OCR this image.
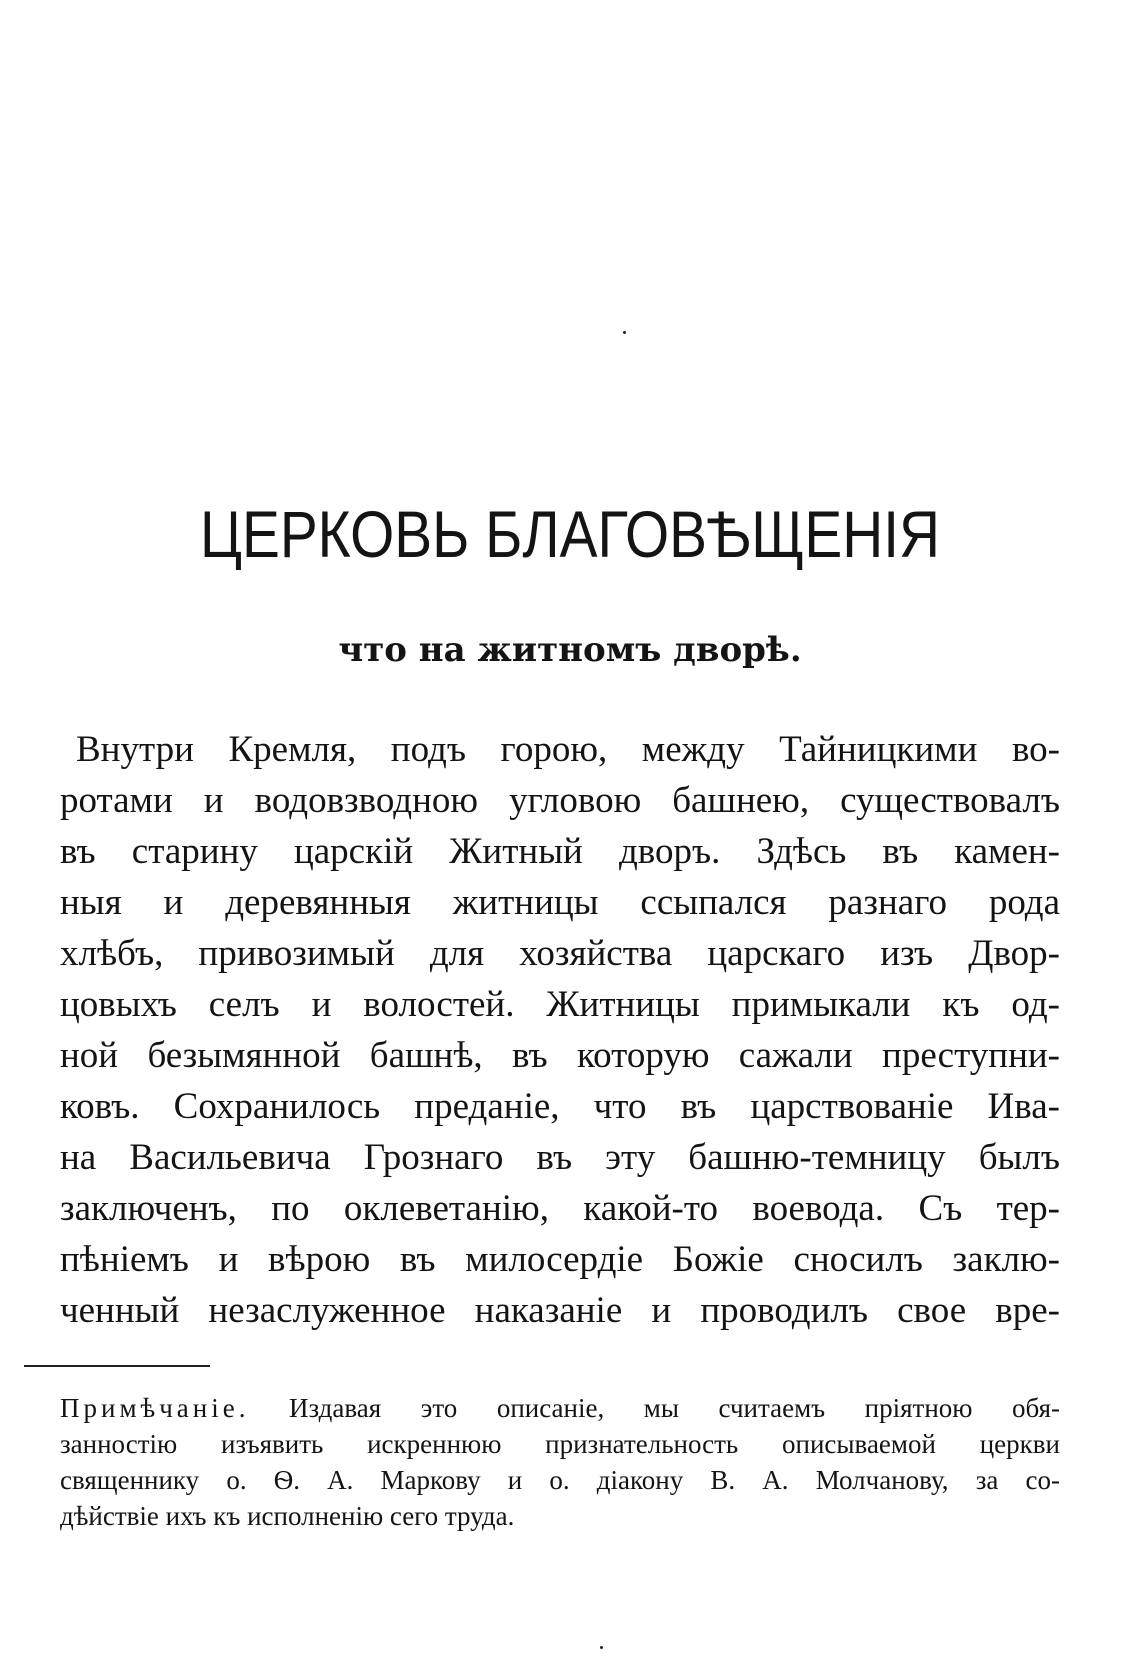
ЦЕРКОВЬ БЛАГОВѢЩЕНІЯ
что на житномъ дворѣ.
Внутри Кремля, подъ горою, между Тайницкими во-
ротами и водовзводною угловою башнею, существовалъ
въ старину царскій Житный дворъ. Здѣсь въ камен-
ныя и деревянныя житницы ссыпался разнаго рода
хлѣбъ, привозимый для хозяйства царскаго изъ Двор-
цовыхъ селъ и волостей. Житницы примыкали къ од-
ной безымянной башнѣ, въ которую сажали преступни-
ковъ. Сохранилось преданіе, что въ царствованіе Ива-
на Васильевича Грознаго въ эту башню-темницу былъ
заключенъ, по оклеветанію, какой-то воевода. Съ тер-
пѣніемъ и вѣрою въ милосердіе Божіе сносилъ заклю-
ченный незаслуженное наказаніе и проводилъ свое вре-
Примѣчаніе. Издавая это описаніе, мы считаемъ пріятною обя-
занностію изъявить искреннюю признательность описываемой церкви
священнику о. Ѳ. А. Маркову и о. діакону В. А. Молчанову, за со-
дѣйствіе ихъ къ исполненію сего труда.
